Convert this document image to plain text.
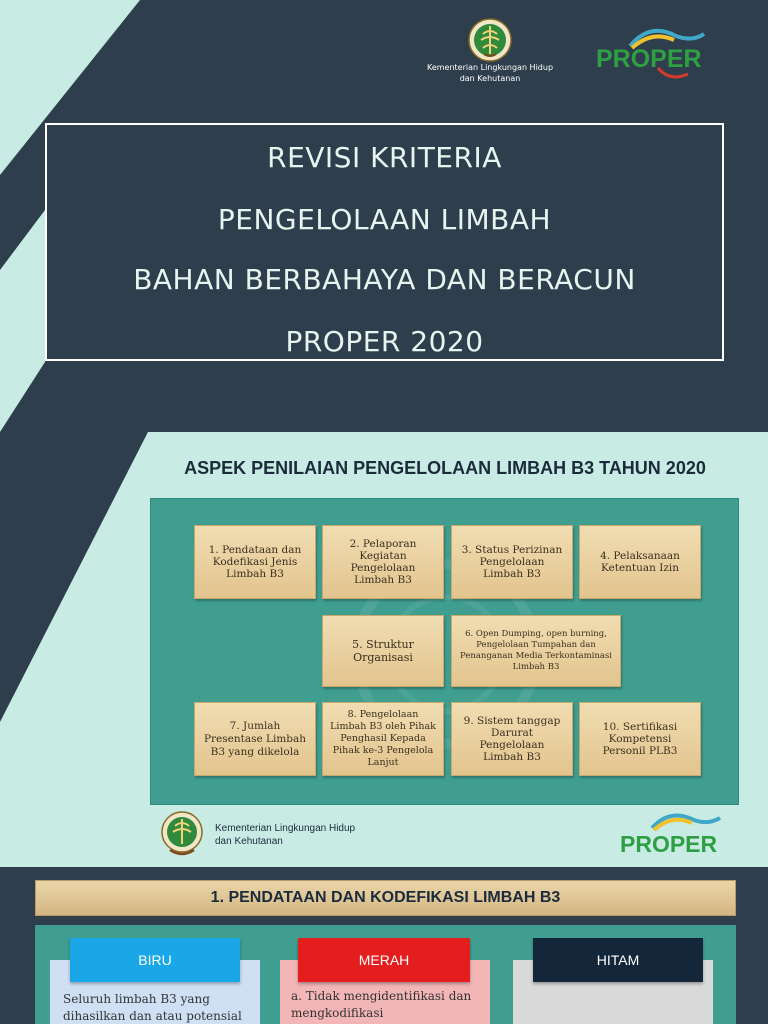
Kementerian Lingkungan Hidup
dan Kehutanan
PROPER
REVISI KRITERIA
PENGELOLAAN LIMBAH
BAHAN BERBAHAYA DAN BERACUN
PROPER 2020
ASPEK PENILAIAN PENGELOLAAN LIMBAH B3 TAHUN 2020
1. Pendataan dan Kodefikasi Jenis Limbah B3
2. Pelaporan Kegiatan Pengelolaan Limbah B3
3. Status Perizinan Pengelolaan Limbah B3
4. Pelaksanaan Ketentuan Izin
5. Struktur Organisasi
6. Open Dumping, open burning, Pengelolaan Tumpahan dan Penanganan Media Terkontaminasi Limbah B3
7. Jumlah Presentase Limbah B3 yang dikelola
8. Pengelolaan Limbah B3 oleh Pihak Penghasil Kepada Pihak ke-3 Pengelola Lanjut
9. Sistem tanggap Darurat Pengelolaan Limbah B3
10. Sertifikasi Kompetensi Personil PLB3
Kementerian Lingkungan Hidup
dan Kehutanan	PROPER
1. PENDATAAN DAN KODEFIKASI LIMBAH B3
BIRU	MERAH	HITAM
Seluruh limbah B3 yang dihasilkan dan atau potensial
a. Tidak mengidentifikasi dan mengkodifikasi
